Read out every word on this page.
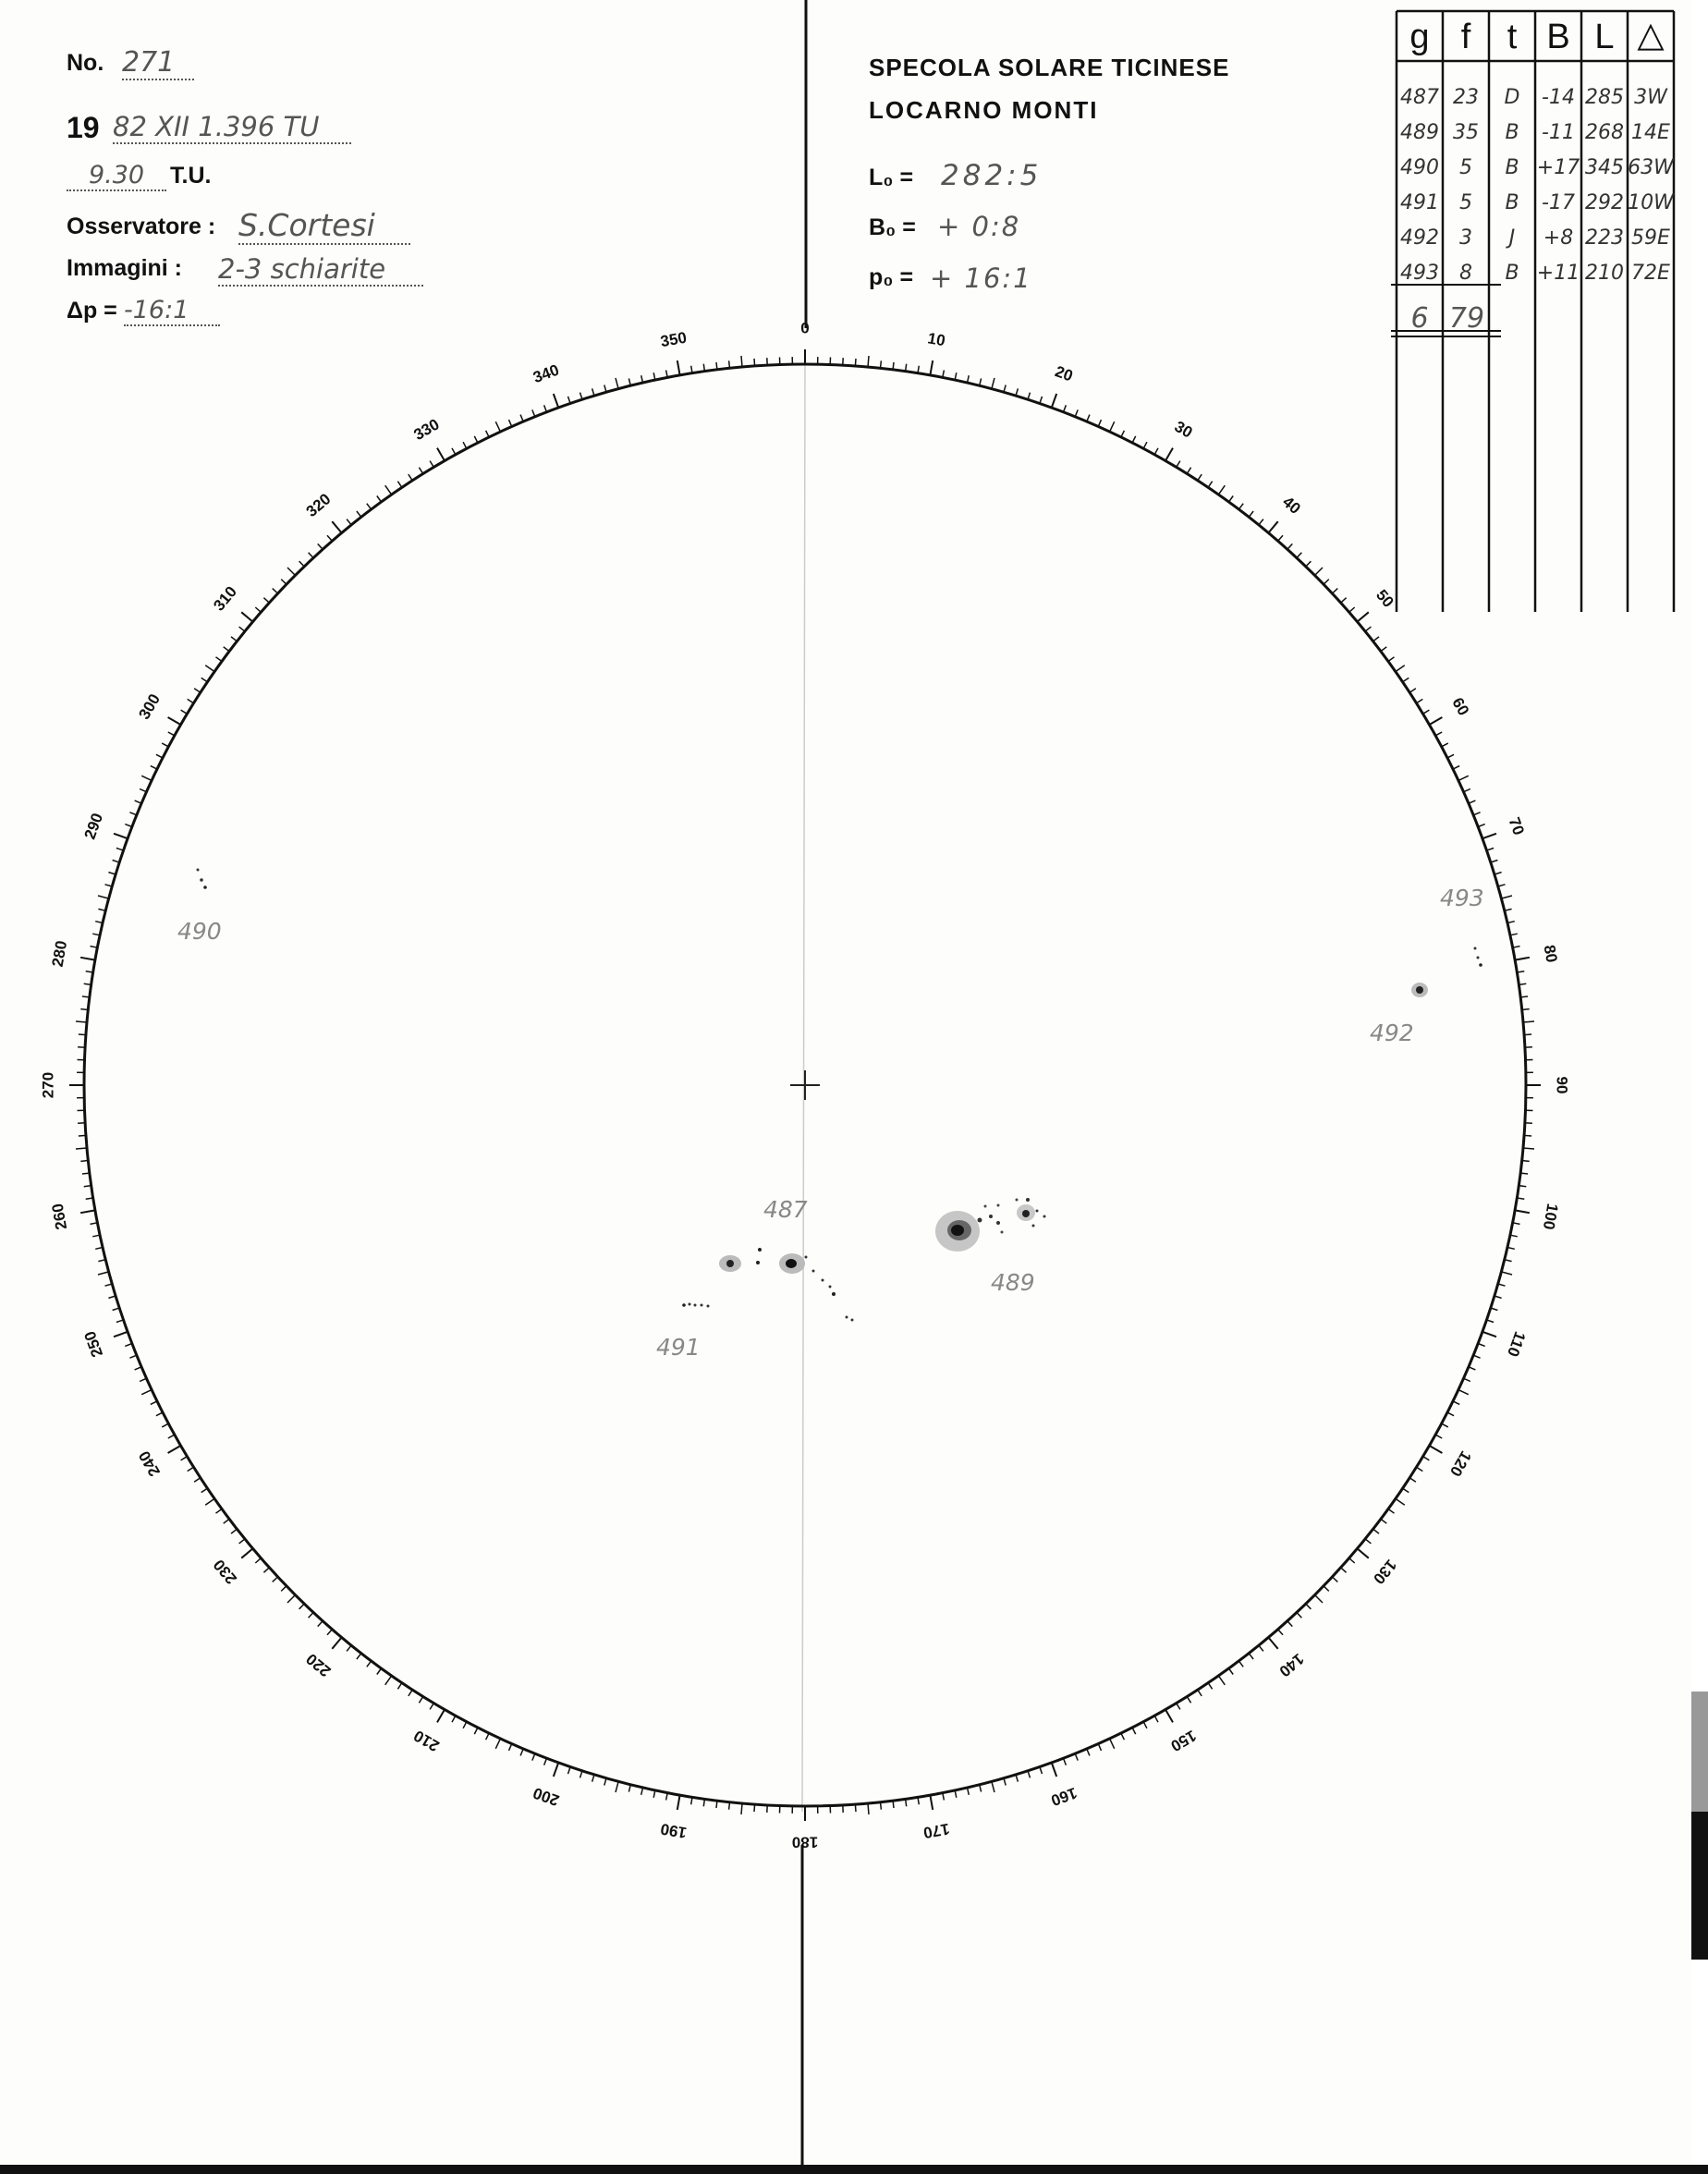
No. 271
19 82 XII 1.396 TU
9.30	T.U.
Osservatore : S.Cortesi
Immagini : 2-3 schiarite
Δp = -16:1
SPECOLA SOLARE TICINESE
LOCARNO MONTI
L₀ = 282:5
B₀ = + 0:8
p₀ = + 16:1
0
10
20
30
40
50
60
70
80
90
100
110
120
130
140
150
160
170
180
190
200
210
220
230
240
250
260
270
280
290
300
310
320
330
340
350
487
489
490
491
492
493
g f t B L △
487 23 D -14 285 3W
489 35 B -11 268 14E
490 5 B +17 345 63W
491 5 B -17 292 10W
492 3 J +8 223 59E
493 8 B +11 210 72E
6 79
